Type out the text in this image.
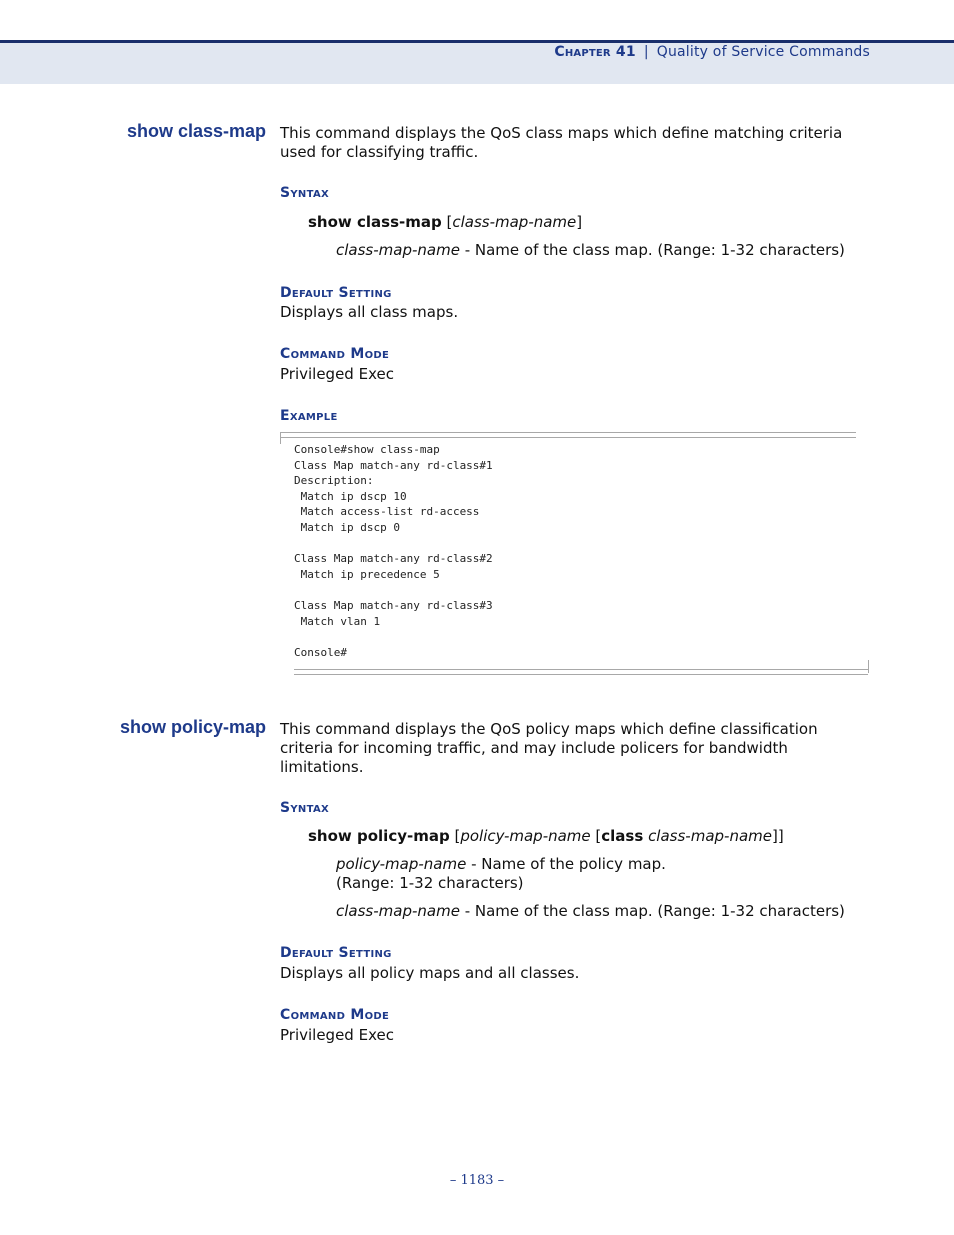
Chapter 41 | Quality of Service Commands
show class-map This command displays the QoS class maps which define matching criteria used for classifying traffic.
Syntax
show class-map [class-map-name]
class-map-name - Name of the class map. (Range: 1-32 characters)
Default Setting
Displays all class maps.
Command Mode
Privileged Exec
Example
Console#show class-map
Class Map match-any rd-class#1
Description:
Match ip dscp 10
Match access-list rd-access
Match ip dscp 0

Class Map match-any rd-class#2
Match ip precedence 5

Class Map match-any rd-class#3
Match vlan 1

Console#
show policy-map This command displays the QoS policy maps which define classification criteria for incoming traffic, and may include policers for bandwidth limitations.
Syntax
show policy-map [policy-map-name [class class-map-name]]
policy-map-name - Name of the policy map.
(Range: 1-32 characters)
class-map-name - Name of the class map. (Range: 1-32 characters)
Default Setting
Displays all policy maps and all classes.
Command Mode
Privileged Exec
– 1183 –
